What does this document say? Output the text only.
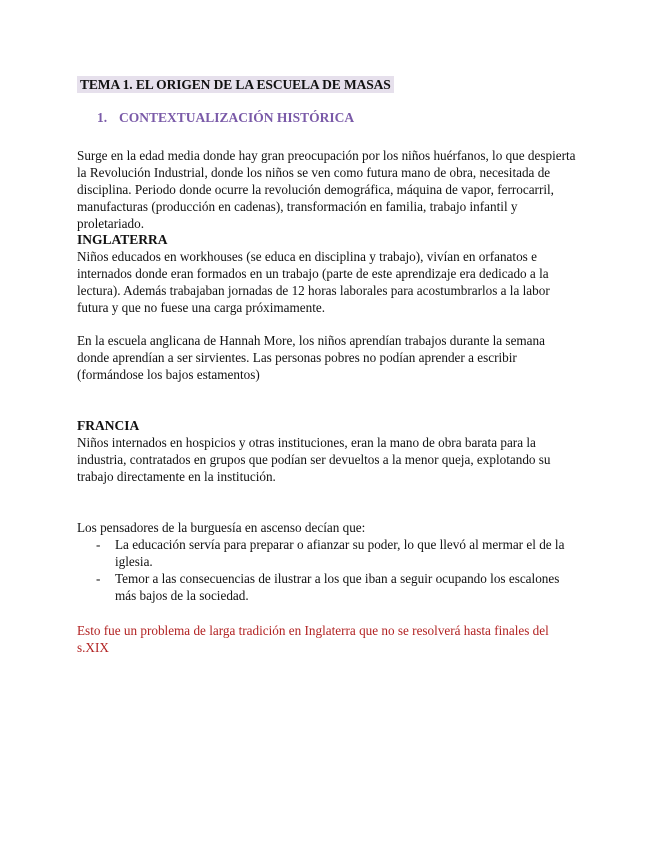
TEMA 1. EL ORIGEN DE LA ESCUELA DE MASAS
1. CONTEXTUALIZACIÓN HISTÓRICA

Surge en la edad media donde hay gran preocupación por los niños huérfanos, lo que despierta la Revolución Industrial, donde los niños se ven como futura mano de obra, necesitada de disciplina. Periodo donde ocurre la revolución demográfica, máquina de vapor, ferrocarril, manufacturas (producción en cadenas), transformación en familia, trabajo infantil y proletariado.

INGLATERRA

Niños educados en workhouses (se educa en disciplina y trabajo), vivían en orfanatos e internados donde eran formados en un trabajo (parte de este aprendizaje era dedicado a la lectura). Además trabajaban jornadas de 12 horas laborales para acostumbrarlos a la labor futura y que no fuese una carga próximamente.

En la escuela anglicana de Hannah More, los niños aprendían trabajos durante la semana donde aprendían a ser sirvientes. Las personas pobres no podían aprender a escribir (formándose los bajos estamentos)

FRANCIA

Niños internados en hospicios y otras instituciones, eran la mano de obra barata para la industria, contratados en grupos que podían ser devueltos a la menor queja, explotando su trabajo directamente en la institución.

Los pensadores de la burguesía en ascenso decían que:

- La educación servía para preparar o afianzar su poder, lo que llevó al mermar el de la iglesia.
- Temor a las consecuencias de ilustrar a los que iban a seguir ocupando los escalones más bajos de la sociedad.

Esto fue un problema de larga tradición en Inglaterra que no se resolverá hasta finales del s.XIX
